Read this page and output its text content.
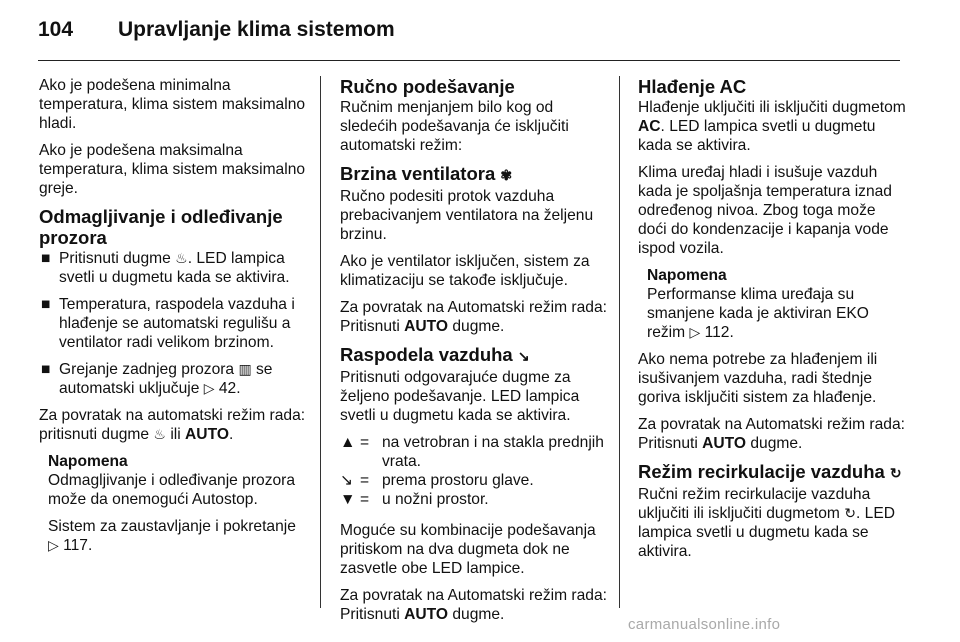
104 Upravljanje klima sistemom

Ako je podešena minimalna temperatura, klima sistem maksimalno hladi.

Ako je podešena maksimalna temperatura, klima sistem maksimalno greje.

Odmagljivanje i odleđivanje prozora
■ Pritisnuti dugme ♨. LED lampica svetli u dugmetu kada se aktivira.
■ Temperatura, raspodela vazduha i hlađenje se automatski regulišu a ventilator radi velikom brzinom.
■ Grejanje zadnjeg prozora ▥ se automatski uključuje ▷ 42.

Za povratak na automatski režim rada: pritisnuti dugme ♨ ili AUTO.

Napomena

Odmagljivanje i odleđivanje prozora može da onemogući Autostop.

Sistem za zaustavljanje i pokretanje
▷ 117.

Ručno podešavanje

Ručnim menjanjem bilo kog od sledećih podešavanja će isključiti automatski režim:

Brzina ventilatora ✾

Ručno podesiti protok vazduha prebacivanjem ventilatora na željenu brzinu.

Ako je ventilator isključen, sistem za klimatizaciju se takođe isključuje.

Za povratak na Automatski režim rada: Pritisnuti AUTO dugme.

Raspodela vazduha ↘

Pritisnuti odgovarajuće dugme za željeno podešavanje. LED lampica svetli u dugmetu kada se aktivira.

▲ = na vetrobran i na stakla prednjih vrata.
↘ = prema prostoru glave.
▼ = u nožni prostor.

Moguće su kombinacije podešavanja pritiskom na dva dugmeta dok ne zasvetle obe LED lampice.

Za povratak na Automatski režim rada: Pritisnuti AUTO dugme.

Hlađenje AC

Hlađenje uključiti ili isključiti dugmetom AC. LED lampica svetli u dugmetu kada se aktivira.

Klima uređaj hladi i isušuje vazduh kada je spoljašnja temperatura iznad određenog nivoa. Zbog toga može doći do kondenzacije i kapanja vode ispod vozila.

Napomena

Performanse klima uređaja su smanjene kada je aktiviran EKO režim ▷ 112.

Ako nema potrebe za hlađenjem ili isušivanjem vazduha, radi štednje goriva isključiti sistem za hlađenje.

Za povratak na Automatski režim rada: Pritisnuti AUTO dugme.

Režim recirkulacije vazduha ↻

Ručni režim recirkulacije vazduha uključiti ili isključiti dugmetom ↻. LED lampica svetli u dugmetu kada se aktivira.

carmanualsonline.info
